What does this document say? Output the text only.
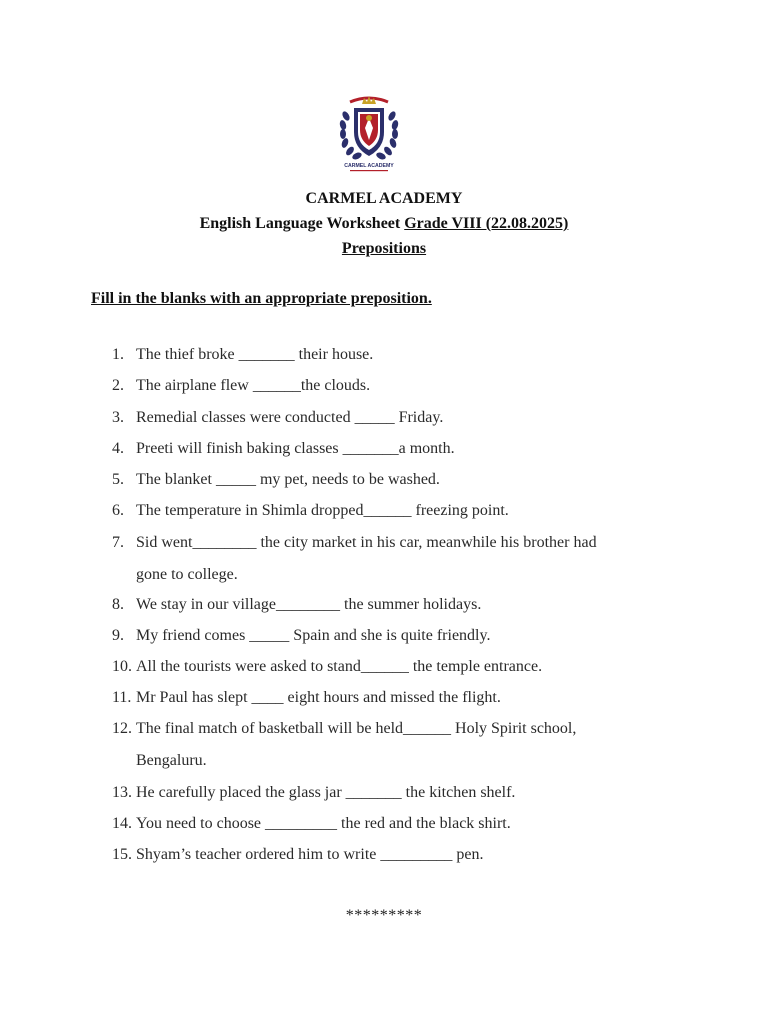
CARMEL ACADEMY
CARMEL ACADEMY
English Language Worksheet Grade VIII (22.08.2025)
Prepositions
Fill in the blanks with an appropriate preposition.
1. The thief broke _______ their house.
2. The airplane flew ______the clouds.
3. Remedial classes were conducted _____ Friday.
4. Preeti will finish baking classes _______a month.
5. The blanket _____ my pet, needs to be washed.
6. The temperature in Shimla dropped______ freezing point.
7. Sid went________ the city market in his car, meanwhile his brother had
gone to college.
8. We stay in our village________ the summer holidays.
9. My friend comes _____ Spain and she is quite friendly.
10. All the tourists were asked to stand______ the temple entrance.
11. Mr Paul has slept ____ eight hours and missed the flight.
12. The final match of basketball will be held______ Holy Spirit school,
Bengaluru.
13. He carefully placed the glass jar _______ the kitchen shelf.
14. You need to choose _________ the red and the black shirt.
15. Shyam’s teacher ordered him to write _________ pen.
*********
